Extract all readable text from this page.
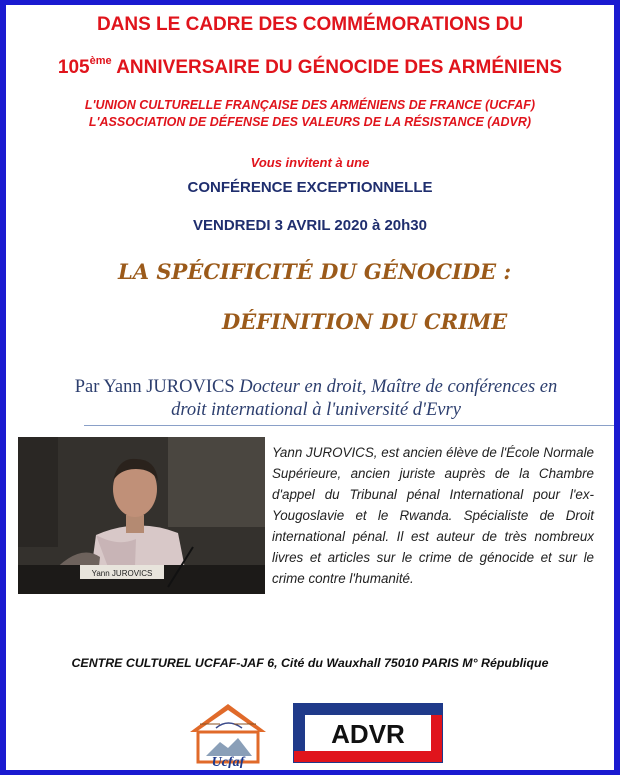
DANS LE CADRE DES COMMÉMORATIONS DU
105ème ANNIVERSAIRE DU GÉNOCIDE DES ARMÉNIENS
L'UNION CULTURELLE FRANÇAISE DES ARMÉNIENS DE FRANCE (UCFAF)
L'ASSOCIATION DE DÉFENSE DES VALEURS DE LA RÉSISTANCE (ADVR)
Vous invitent à une
CONFÉRENCE EXCEPTIONNELLE
VENDREDI 3 AVRIL 2020 à 20h30
LA SPÉCIFICITÉ DU GÉNOCIDE :
DÉFINITION DU CRIME
Par Yann JUROVICS Docteur en droit, Maître de conférences en droit international à l'université d'Evry
Yann JUROVICS
Yann JUROVICS, est ancien élève de l'École Normale Supérieure, ancien juriste auprès de la Chambre d'appel du Tribunal pénal International pour l'ex-Yougoslavie et le Rwanda. Spécialiste de Droit international pénal. Il est auteur de très nombreux livres et articles sur le crime de génocide et sur le crime contre l'humanité.
CENTRE CULTUREL UCFAF-JAF 6, Cité du Wauxhall 75010 PARIS M° République
Ucfaf
ADVR
